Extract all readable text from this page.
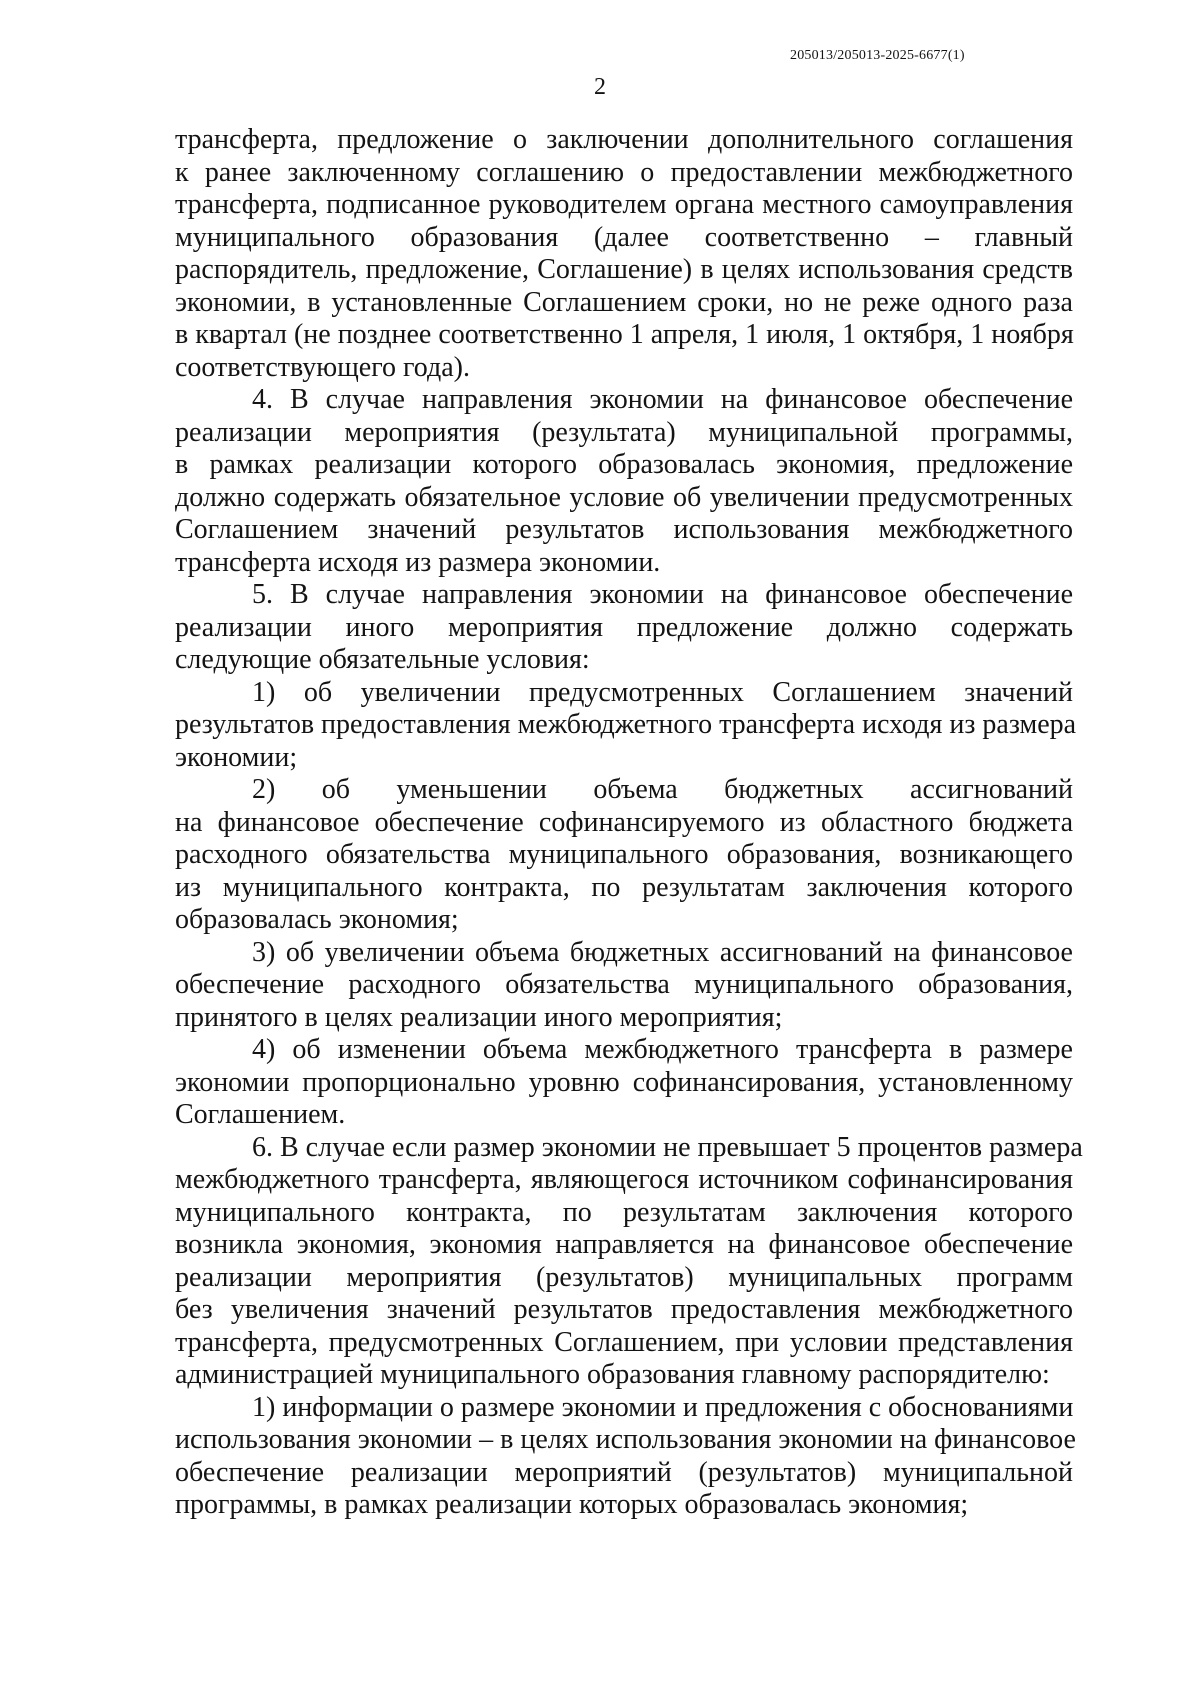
205013/205013-2025-6677(1)
2
трансферта, предложение о заключении дополнительного соглашения
к ранее заключенному соглашению о предоставлении межбюджетного
трансферта, подписанное руководителем органа местного самоуправления
муниципального образования (далее соответственно – главный
распорядитель, предложение, Соглашение) в целях использования средств
экономии, в установленные Соглашением сроки, но не реже одного раза
в квартал (не позднее соответственно 1 апреля, 1 июля, 1 октября, 1 ноября
соответствующего года).
4. В случае направления экономии на финансовое обеспечение
реализации мероприятия (результата) муниципальной программы,
в рамках реализации которого образовалась экономия, предложение
должно содержать обязательное условие об увеличении предусмотренных
Соглашением значений результатов использования межбюджетного
трансферта исходя из размера экономии.
5. В случае направления экономии на финансовое обеспечение
реализации иного мероприятия предложение должно содержать
следующие обязательные условия:
1) об увеличении предусмотренных Соглашением значений
результатов предоставления межбюджетного трансферта исходя из размера
экономии;
2) об уменьшении объема бюджетных ассигнований
на финансовое обеспечение софинансируемого из областного бюджета
расходного обязательства муниципального образования, возникающего
из муниципального контракта, по результатам заключения которого
образовалась экономия;
3) об увеличении объема бюджетных ассигнований на финансовое
обеспечение расходного обязательства муниципального образования,
принятого в целях реализации иного мероприятия;
4) об изменении объема межбюджетного трансферта в размере
экономии пропорционально уровню софинансирования, установленному
Соглашением.
6. В случае если размер экономии не превышает 5 процентов размера
межбюджетного трансферта, являющегося источником софинансирования
муниципального контракта, по результатам заключения которого
возникла экономия, экономия направляется на финансовое обеспечение
реализации мероприятия (результатов) муниципальных программ
без увеличения значений результатов предоставления межбюджетного
трансферта, предусмотренных Соглашением, при условии представления
администрацией муниципального образования главному распорядителю:
1) информации о размере экономии и предложения с обоснованиями
использования экономии – в целях использования экономии на финансовое
обеспечение реализации мероприятий (результатов) муниципальной
программы, в рамках реализации которых образовалась экономия;
